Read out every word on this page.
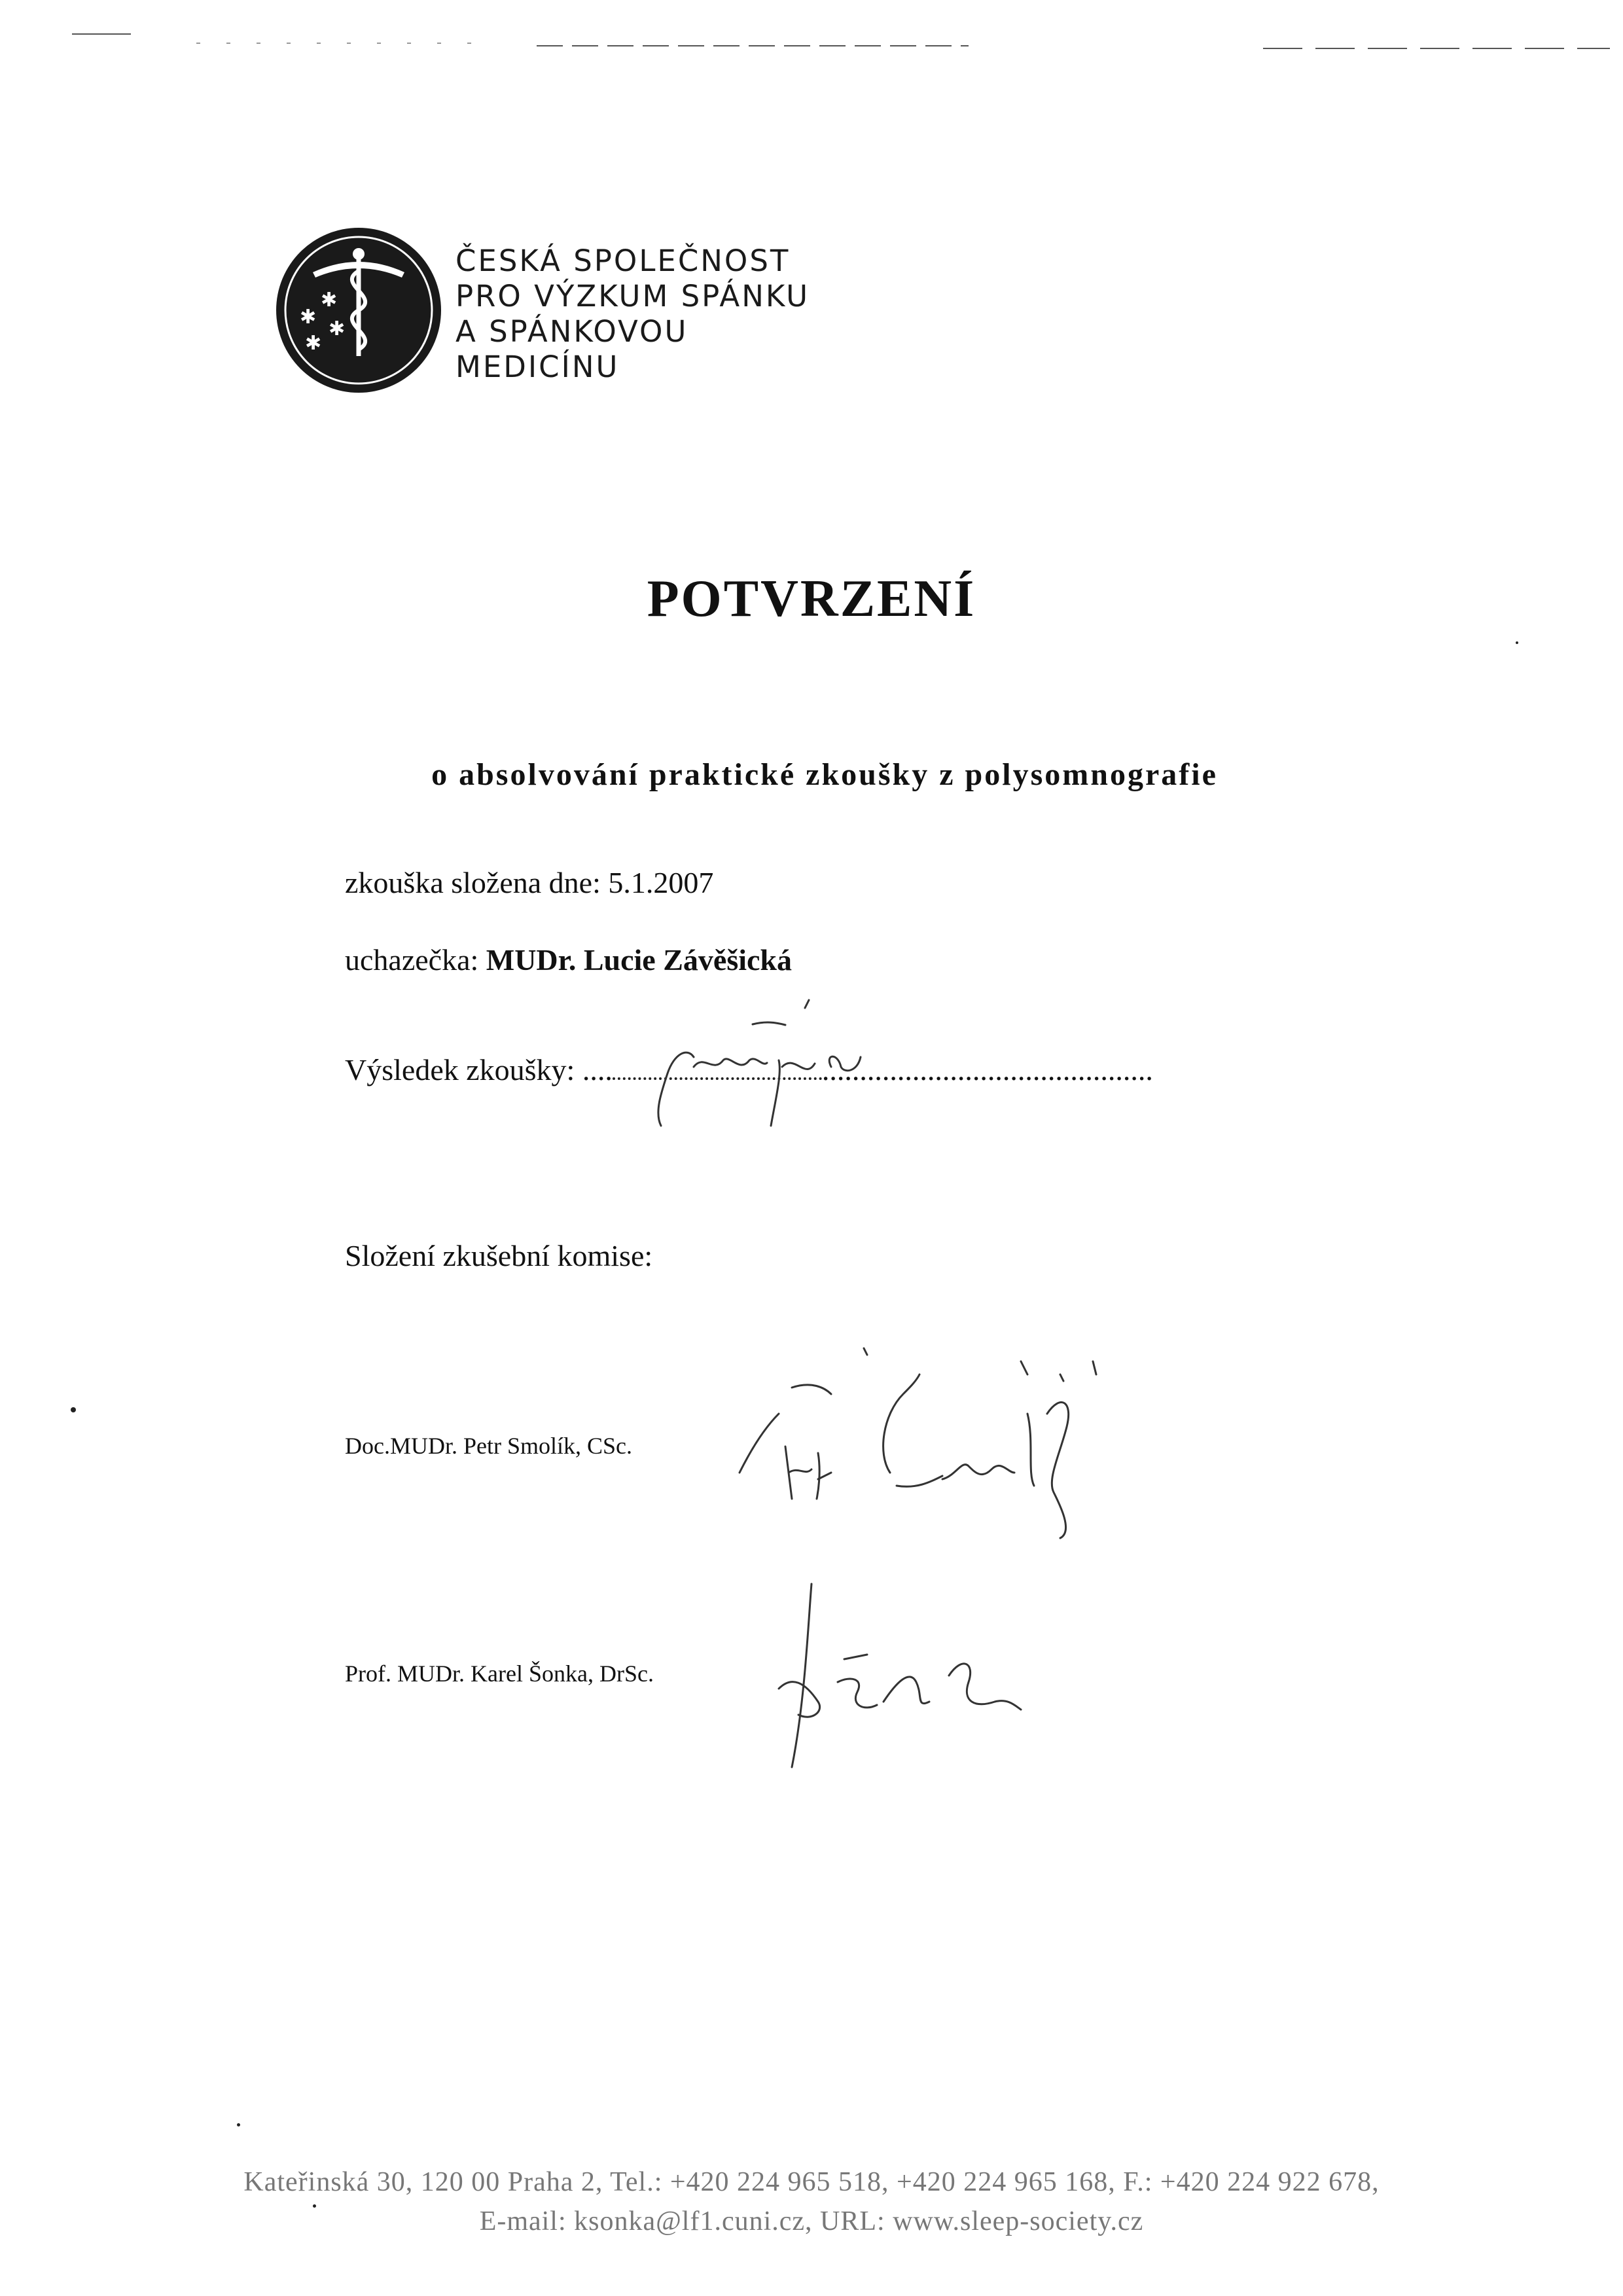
✱
✱
✱
✱
ČESKÁ SPOLEČNOST
PRO VÝZKUM SPÁNKU
A SPÁNKOVOU
MEDICÍNU
POTVRZENÍ
o absolvování praktické zkoušky z polysomnografie
zkouška složena dne: 5.1.2007
uchazečka: MUDr. Lucie Závěšická
Výsledek zkoušky: ....	............................................
Složení zkušební komise:
Doc.MUDr. Petr Smolík, CSc.
Prof. MUDr. Karel Šonka, DrSc.
Kateřinská 30, 120 00 Praha 2, Tel.: +420 224 965 518, +420 224 965 168, F.: +420 224 922 678,
E-mail: ksonka@lf1.cuni.cz, URL: www.sleep-society.cz
